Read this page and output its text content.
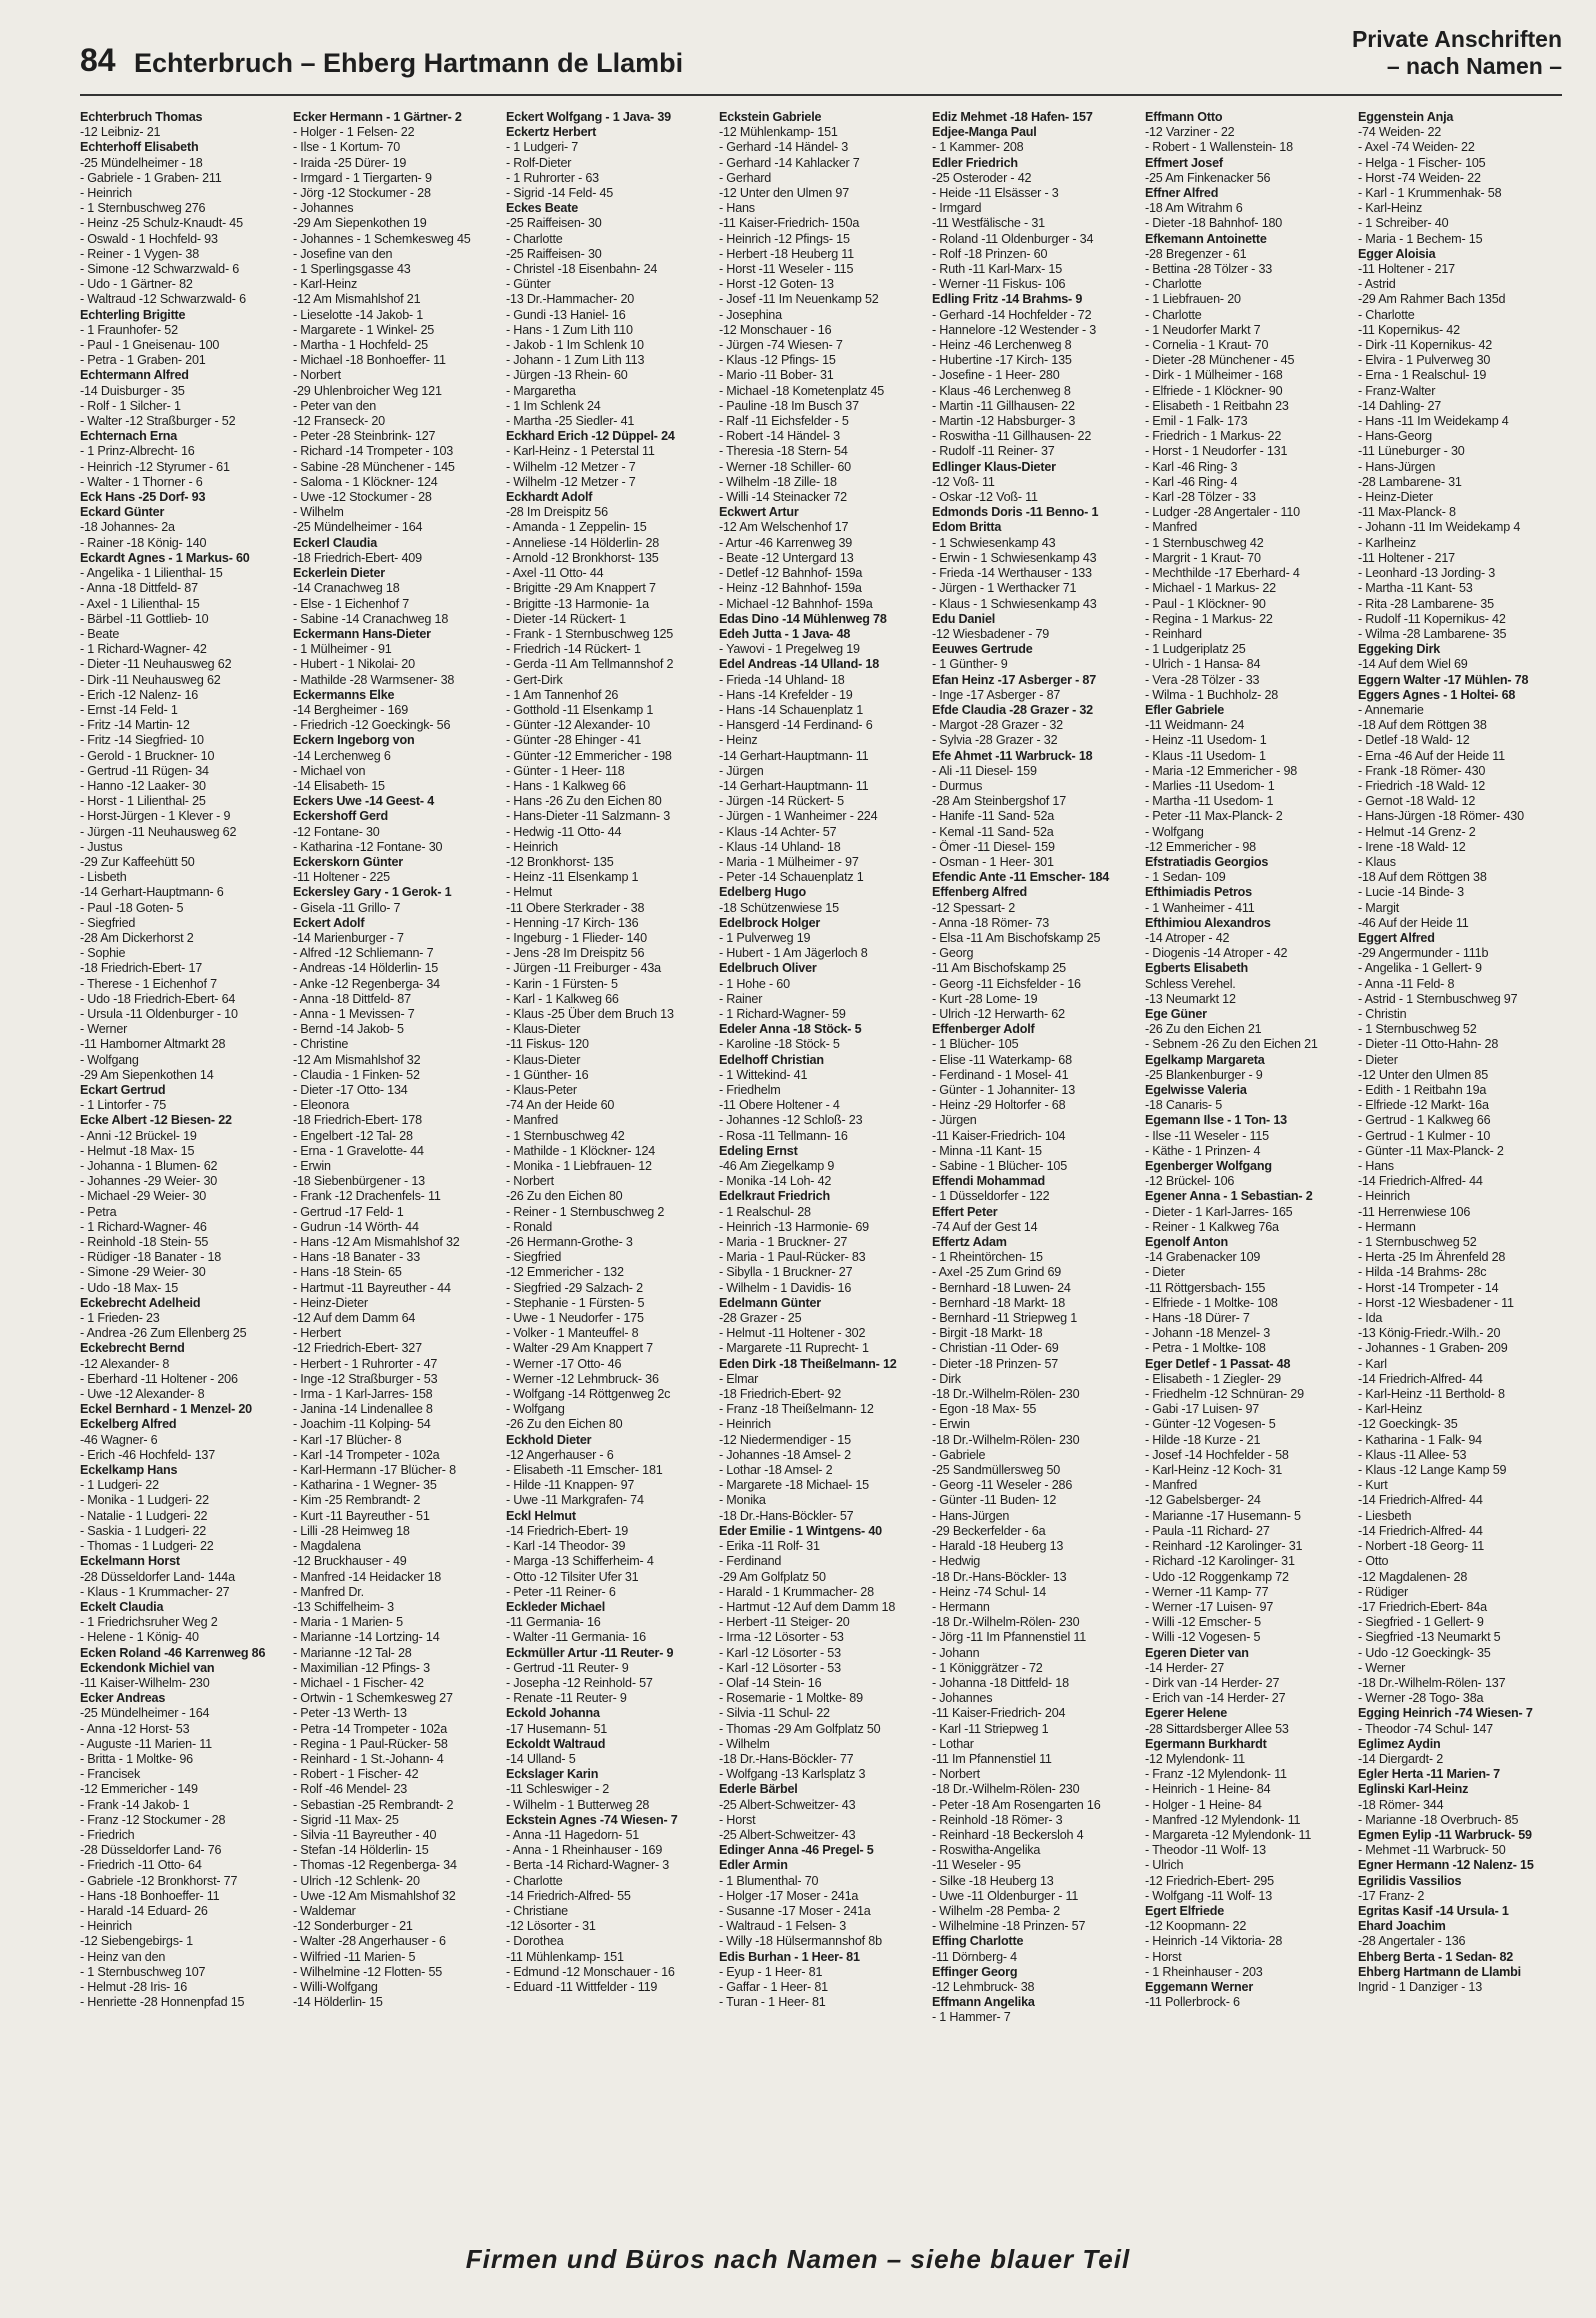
84 Echterbruch – Ehberg Hartmann de Llambi
Private Anschriften
– nach Namen –
Echterbruch Thomas
-12 Leibniz- 21
Echterhoff Elisabeth
-25 Mündelheimer - 18
- Gabriele - 1 Graben- 211
- Heinrich
- 1 Sternbuschweg 276
- Heinz -25 Schulz-Knaudt- 45
- Oswald - 1 Hochfeld- 93
- Reiner - 1 Vygen- 38
- Simone -12 Schwarzwald- 6
- Udo - 1 Gärtner- 82
- Waltraud -12 Schwarzwald- 6
Echterling Brigitte
- 1 Fraunhofer- 52
- Paul - 1 Gneisenau- 100
- Petra - 1 Graben- 201
Echtermann Alfred
-14 Duisburger - 35
- Rolf - 1 Silcher- 1
- Walter -12 Straßburger - 52
Echternach Erna
- 1 Prinz-Albrecht- 16
- Heinrich -12 Styrumer - 61
- Walter - 1 Thorner - 6
Eck Hans -25 Dorf- 93
Eckard Günter
-18 Johannes- 2a
- Rainer -18 König- 140
Eckardt Agnes - 1 Markus- 60
- Angelika - 1 Lilienthal- 15
- Anna -18 Dittfeld- 87
- Axel - 1 Lilienthal- 15
- Bärbel -11 Gottlieb- 10
- Beate
- 1 Richard-Wagner- 42
- Dieter -11 Neuhausweg 62
- Dirk -11 Neuhausweg 62
- Erich -12 Nalenz- 16
- Ernst -14 Feld- 1
- Fritz -14 Martin- 12
- Fritz -14 Siegfried- 10
- Gerold - 1 Bruckner- 10
- Gertrud -11 Rügen- 34
- Hanno -12 Laaker- 30
- Horst - 1 Lilienthal- 25
- Horst-Jürgen - 1 Klever - 9
- Jürgen -11 Neuhausweg 62
- Justus
-29 Zur Kaffeehütt 50
- Lisbeth
-14 Gerhart-Hauptmann- 6
- Paul -18 Goten- 5
- Siegfried
-28 Am Dickerhorst 2
- Sophie
-18 Friedrich-Ebert- 17
- Therese - 1 Eichenhof 7
- Udo -18 Friedrich-Ebert- 64
- Ursula -11 Oldenburger - 10
- Werner
-11 Hamborner Altmarkt 28
- Wolfgang
-29 Am Siepenkothen 14
Eckart Gertrud
- 1 Lintorfer - 75
Ecke Albert -12 Biesen- 22
- Anni -12 Brückel- 19
- Helmut -18 Max- 15
- Johanna - 1 Blumen- 62
- Johannes -29 Weier- 30
- Michael -29 Weier- 30
- Petra
- 1 Richard-Wagner- 46
- Reinhold -18 Stein- 55
- Rüdiger -18 Banater - 18
- Simone -29 Weier- 30
- Udo -18 Max- 15
Eckebrecht Adelheid
- 1 Frieden- 23
- Andrea -26 Zum Ellenberg 25
Eckebrecht Bernd
-12 Alexander- 8
- Eberhard -11 Holtener - 206
- Uwe -12 Alexander- 8
Eckel Bernhard - 1 Menzel- 20
Eckelberg Alfred
-46 Wagner- 6
- Erich -46 Hochfeld- 137
Eckelkamp Hans
- 1 Ludgeri- 22
- Monika - 1 Ludgeri- 22
- Natalie - 1 Ludgeri- 22
- Saskia - 1 Ludgeri- 22
- Thomas - 1 Ludgeri- 22
Eckelmann Horst
-28 Düsseldorfer Land- 144a
- Klaus - 1 Krummacher- 27
Eckelt Claudia
- 1 Friedrichsruher Weg 2
- Helene - 1 König- 40
Ecken Roland -46 Karrenweg 86
Eckendonk Michiel van
-11 Kaiser-Wilhelm- 230
Ecker Andreas
-25 Mündelheimer - 164
- Anna -12 Horst- 53
- Auguste -11 Marien- 11
- Britta - 1 Moltke- 96
- Francisek
-12 Emmericher - 149
- Frank -14 Jakob- 1
- Franz -12 Stockumer - 28
- Friedrich
-28 Düsseldorfer Land- 76
- Friedrich -11 Otto- 64
- Gabriele -12 Bronkhorst- 77
- Hans -18 Bonhoeffer- 11
- Harald -14 Eduard- 26
- Heinrich
-12 Siebengebirgs- 1
- Heinz van den
- 1 Sternbuschweg 107
- Helmut -28 Iris- 16
- Henriette -28 Honnenpfad 15
Ecker Hermann - 1 Gärtner- 2
- Holger - 1 Felsen- 22
- Ilse - 1 Kortum- 70
- Iraida -25 Dürer- 19
- Irmgard - 1 Tiergarten- 9
- Jörg -12 Stockumer - 28
- Johannes
-29 Am Siepenkothen 19
- Johannes - 1 Schemkesweg 45
- Josefine van den
- 1 Sperlingsgasse 43
- Karl-Heinz
-12 Am Mismahlshof 21
- Lieselotte -14 Jakob- 1
- Margarete - 1 Winkel- 25
- Martha - 1 Hochfeld- 25
- Michael -18 Bonhoeffer- 11
- Norbert
-29 Uhlenbroicher Weg 121
- Peter van den
-12 Franseck- 20
- Peter -28 Steinbrink- 127
- Richard -14 Trompeter - 103
- Sabine -28 Münchener - 145
- Saloma - 1 Klöckner- 124
- Uwe -12 Stockumer - 28
- Wilhelm
-25 Mündelheimer - 164
Eckerl Claudia
-18 Friedrich-Ebert- 409
Eckerlein Dieter
-14 Cranachweg 18
- Else - 1 Eichenhof 7
- Sabine -14 Cranachweg 18
Eckermann Hans-Dieter
- 1 Mülheimer - 91
- Hubert - 1 Nikolai- 20
- Mathilde -28 Warmsener- 38
Eckermanns Elke
-14 Bergheimer - 169
- Friedrich -12 Goeckingk- 56
Eckern Ingeborg von
-14 Lerchenweg 6
- Michael von
-14 Elisabeth- 15
Eckers Uwe -14 Geest- 4
Eckershoff Gerd
-12 Fontane- 30
- Katharina -12 Fontane- 30
Eckerskorn Günter
-11 Holtener - 225
Eckersley Gary - 1 Gerok- 1
- Gisela -11 Grillo- 7
Eckert Adolf
-14 Marienburger - 7
- Alfred -12 Schliemann- 7
- Andreas -14 Hölderlin- 15
- Anke -12 Regenberga- 34
- Anna -18 Dittfeld- 87
- Anna - 1 Mevissen- 7
- Bernd -14 Jakob- 5
- Christine
-12 Am Mismahlshof 32
- Claudia - 1 Finken- 52
- Dieter -17 Otto- 134
- Eleonora
-18 Friedrich-Ebert- 178
- Engelbert -12 Tal- 28
- Erna - 1 Gravelotte- 44
- Erwin
-18 Siebenbürgener - 13
- Frank -12 Drachenfels- 11
- Gertrud -17 Feld- 1
- Gudrun -14 Wörth- 44
- Hans -12 Am Mismahlshof 32
- Hans -18 Banater - 33
- Hans -18 Stein- 65
- Hartmut -11 Bayreuther - 44
- Heinz-Dieter
-12 Auf dem Damm 64
- Herbert
-12 Friedrich-Ebert- 327
- Herbert - 1 Ruhrorter - 47
- Inge -12 Straßburger - 53
- Irma - 1 Karl-Jarres- 158
- Janina -14 Lindenallee 8
- Joachim -11 Kolping- 54
- Karl -17 Blücher- 8
- Karl -14 Trompeter - 102a
- Karl-Hermann -17 Blücher- 8
- Katharina - 1 Wegner- 35
- Kim -25 Rembrandt- 2
- Kurt -11 Bayreuther - 51
- Lilli -28 Heimweg 18
- Magdalena
-12 Bruckhauser - 49
- Manfred -14 Heidacker 18
- Manfred Dr.
-13 Schiffelheim- 3
- Maria - 1 Marien- 5
- Marianne -14 Lortzing- 14
- Marianne -12 Tal- 28
- Maximilian -12 Pfings- 3
- Michael - 1 Fischer- 42
- Ortwin - 1 Schemkesweg 27
- Peter -13 Werth- 13
- Petra -14 Trompeter - 102a
- Regina - 1 Paul-Rücker- 58
- Reinhard - 1 St.-Johann- 4
- Robert - 1 Fischer- 42
- Rolf -46 Mendel- 23
- Sebastian -25 Rembrandt- 2
- Sigrid -11 Max- 25
- Silvia -11 Bayreuther - 40
- Stefan -14 Hölderlin- 15
- Thomas -12 Regenberga- 34
- Ulrich -12 Schlenk- 20
- Uwe -12 Am Mismahlshof 32
- Waldemar
-12 Sonderburger - 21
- Walter -28 Angerhauser - 6
- Wilfried -11 Marien- 5
- Wilhelmine -12 Flotten- 55
- Willi-Wolfgang
-14 Hölderlin- 15
Eckert Wolfgang - 1 Java- 39
Eckertz Herbert
- 1 Ludgeri- 7
- Rolf-Dieter
- 1 Ruhrorter - 63
- Sigrid -14 Feld- 45
Eckes Beate
-25 Raiffeisen- 30
- Charlotte
-25 Raiffeisen- 30
- Christel -18 Eisenbahn- 24
- Günter
-13 Dr.-Hammacher- 20
- Gundi -13 Haniel- 16
- Hans - 1 Zum Lith 110
- Jakob - 1 Im Schlenk 10
- Johann - 1 Zum Lith 113
- Jürgen -13 Rhein- 60
- Margaretha
- 1 Im Schlenk 24
- Martha -25 Siedler- 41
Eckhard Erich -12 Düppel- 24
- Karl-Heinz - 1 Peterstal 11
- Wilhelm -12 Metzer - 7
- Wilhelm -12 Metzer - 7
Eckhardt Adolf
-28 Im Dreispitz 56
- Amanda - 1 Zeppelin- 15
- Anneliese -14 Hölderlin- 28
- Arnold -12 Bronkhorst- 135
- Axel -11 Otto- 44
- Brigitte -29 Am Knappert 7
- Brigitte -13 Harmonie- 1a
- Dieter -14 Rückert- 1
- Frank - 1 Sternbuschweg 125
- Friedrich -14 Rückert- 1
- Gerda -11 Am Tellmannshof 2
- Gert-Dirk
- 1 Am Tannenhof 26
- Gotthold -11 Elsenkamp 1
- Günter -12 Alexander- 10
- Günter -28 Ehinger - 41
- Günter -12 Emmericher - 198
- Günter - 1 Heer- 118
- Hans - 1 Kalkweg 66
- Hans -26 Zu den Eichen 80
- Hans-Dieter -11 Salzmann- 3
- Hedwig -11 Otto- 44
- Heinrich
-12 Bronkhorst- 135
- Heinz -11 Elsenkamp 1
- Helmut
-11 Obere Sterkrader - 38
- Henning -17 Kirch- 136
- Ingeburg - 1 Flieder- 140
- Jens -28 Im Dreispitz 56
- Jürgen -11 Freiburger - 43a
- Karin - 1 Fürsten- 5
- Karl - 1 Kalkweg 66
- Klaus -25 Über dem Bruch 13
- Klaus-Dieter
-11 Fiskus- 120
- Klaus-Dieter
- 1 Günther- 16
- Klaus-Peter
-74 An der Heide 60
- Manfred
- 1 Sternbuschweg 42
- Mathilde - 1 Klöckner- 124
- Monika - 1 Liebfrauen- 12
- Norbert
-26 Zu den Eichen 80
- Reiner - 1 Sternbuschweg 2
- Ronald
-26 Hermann-Grothe- 3
- Siegfried
-12 Emmericher - 132
- Siegfried -29 Salzach- 2
- Stephanie - 1 Fürsten- 5
- Uwe - 1 Neudorfer - 175
- Volker - 1 Manteuffel- 8
- Walter -29 Am Knappert 7
- Werner -17 Otto- 46
- Werner -12 Lehmbruck- 36
- Wolfgang -14 Röttgenweg 2c
- Wolfgang
-26 Zu den Eichen 80
Eckhold Dieter
-12 Angerhauser - 6
- Elisabeth -11 Emscher- 181
- Hilde -11 Knappen- 97
- Uwe -11 Markgrafen- 74
Eckl Helmut
-14 Friedrich-Ebert- 19
- Karl -14 Theodor- 39
- Marga -13 Schifferheim- 4
- Otto -12 Tilsiter Ufer 31
- Peter -11 Reiner- 6
Eckleder Michael
-11 Germania- 16
- Walter -11 Germania- 16
Eckmüller Artur -11 Reuter- 9
- Gertrud -11 Reuter- 9
- Josepha -12 Reinhold- 57
- Renate -11 Reuter- 9
Eckold Johanna
-17 Husemann- 51
Eckoldt Waltraud
-14 Ulland- 5
Eckslager Karin
-11 Schleswiger - 2
- Wilhelm - 1 Butterweg 28
Eckstein Agnes -74 Wiesen- 7
- Anna -11 Hagedorn- 51
- Anna - 1 Rheinhauser - 169
- Berta -14 Richard-Wagner- 3
- Charlotte
-14 Friedrich-Alfred- 55
- Christiane
-12 Lösorter - 31
- Dorothea
-11 Mühlenkamp- 151
- Edmund -12 Monschauer - 16
- Eduard -11 Wittfelder - 119
Eckstein Gabriele
-12 Mühlenkamp- 151
- Gerhard -14 Händel- 3
- Gerhard -14 Kahlacker 7
- Gerhard
-12 Unter den Ulmen 97
- Hans
-11 Kaiser-Friedrich- 150a
- Heinrich -12 Pfings- 15
- Herbert -18 Heuberg 11
- Horst -11 Weseler - 115
- Horst -12 Goten- 13
- Josef -11 Im Neuenkamp 52
- Josephina
-12 Monschauer - 16
- Jürgen -74 Wiesen- 7
- Klaus -12 Pfings- 15
- Mario -11 Bober- 31
- Michael -18 Kometenplatz 45
- Pauline -18 Im Busch 37
- Ralf -11 Eichsfelder - 5
- Robert -14 Händel- 3
- Theresia -18 Stern- 54
- Werner -18 Schiller- 60
- Wilhelm -18 Zille- 18
- Willi -14 Steinacker 72
Eckwert Artur
-12 Am Welschenhof 17
- Artur -46 Karrenweg 39
- Beate -12 Untergard 13
- Detlef -12 Bahnhof- 159a
- Heinz -12 Bahnhof- 159a
- Michael -12 Bahnhof- 159a
Edas Dino -14 Mühlenweg 78
Edeh Jutta - 1 Java- 48
- Yawovi - 1 Pregelweg 19
Edel Andreas -14 Ulland- 18
- Frieda -14 Uhland- 18
- Hans -14 Krefelder - 19
- Hans -14 Schauenplatz 1
- Hansgerd -14 Ferdinand- 6
- Heinz
-14 Gerhart-Hauptmann- 11
- Jürgen
-14 Gerhart-Hauptmann- 11
- Jürgen -14 Rückert- 5
- Jürgen - 1 Wanheimer - 224
- Klaus -14 Achter- 57
- Klaus -14 Uhland- 18
- Maria - 1 Mülheimer - 97
- Peter -14 Schauenplatz 1
Edelberg Hugo
-18 Schützenwiese 15
Edelbrock Holger
- 1 Pulverweg 19
- Hubert - 1 Am Jägerloch 8
Edelbruch Oliver
- 1 Hohe - 60
- Rainer
- 1 Richard-Wagner- 59
Edeler Anna -18 Stöck- 5
- Karoline -18 Stöck- 5
Edelhoff Christian
- 1 Wittekind- 41
- Friedhelm
-11 Obere Holtener - 4
- Johannes -12 Schloß- 23
- Rosa -11 Tellmann- 16
Edeling Ernst
-46 Am Ziegelkamp 9
- Monika -14 Loh- 42
Edelkraut Friedrich
- 1 Realschul- 28
- Heinrich -13 Harmonie- 69
- Maria - 1 Bruckner- 27
- Maria - 1 Paul-Rücker- 83
- Sibylla - 1 Bruckner- 27
- Wilhelm - 1 Davidis- 16
Edelmann Günter
-28 Grazer - 25
- Helmut -11 Holtener - 302
- Margarete -11 Ruprecht- 1
Eden Dirk -18 Theißelmann- 12
- Elmar
-18 Friedrich-Ebert- 92
- Franz -18 Theißelmann- 12
- Heinrich
-12 Niedermendiger - 15
- Johannes -18 Amsel- 2
- Lothar -18 Amsel- 2
- Margarete -18 Michael- 15
- Monika
-18 Dr.-Hans-Böckler- 57
Eder Emilie - 1 Wintgens- 40
- Erika -11 Rolf- 31
- Ferdinand
-29 Am Golfplatz 50
- Harald - 1 Krummacher- 28
- Hartmut -12 Auf dem Damm 18
- Herbert -11 Steiger- 20
- Irma -12 Lösorter - 53
- Karl -12 Lösorter - 53
- Karl -12 Lösorter - 53
- Olaf -14 Stein- 16
- Rosemarie - 1 Moltke- 89
- Silvia -11 Schul- 22
- Thomas -29 Am Golfplatz 50
- Wilhelm
-18 Dr.-Hans-Böckler- 77
- Wolfgang -13 Karlsplatz 3
Ederle Bärbel
-25 Albert-Schweitzer- 43
- Horst
-25 Albert-Schweitzer- 43
Edinger Anna -46 Pregel- 5
Edler Armin
- 1 Blumenthal- 70
- Holger -17 Moser - 241a
- Susanne -17 Moser - 241a
- Waltraud - 1 Felsen- 3
- Willy -18 Hülsermannshof 8b
Edis Burhan - 1 Heer- 81
- Eyup - 1 Heer- 81
- Gaffar - 1 Heer- 81
- Turan - 1 Heer- 81
Ediz Mehmet -18 Hafen- 157
Edjee-Manga Paul
- 1 Kammer- 208
Edler Friedrich
-25 Osteroder - 42
- Heide -11 Elsässer - 3
- Irmgard
-11 Westfälische - 31
- Roland -11 Oldenburger - 34
- Rolf -18 Prinzen- 60
- Ruth -11 Karl-Marx- 15
- Werner -11 Fiskus- 106
Edling Fritz -14 Brahms- 9
- Gerhard -14 Hochfelder - 72
- Hannelore -12 Westender - 3
- Heinz -46 Lerchenweg 8
- Hubertine -17 Kirch- 135
- Josefine - 1 Heer- 280
- Klaus -46 Lerchenweg 8
- Martin -11 Gillhausen- 22
- Martin -12 Habsburger- 3
- Roswitha -11 Gillhausen- 22
- Rudolf -11 Reiner- 37
Edlinger Klaus-Dieter
-12 Voß- 11
- Oskar -12 Voß- 11
Edmonds Doris -11 Benno- 1
Edom Britta
- 1 Schwiesenkamp 43
- Erwin - 1 Schwiesenkamp 43
- Frieda -14 Werthauser - 133
- Jürgen - 1 Werthacker 71
- Klaus - 1 Schwiesenkamp 43
Edu Daniel
-12 Wiesbadener - 79
Eeuwes Gertrude
- 1 Günther- 9
Efan Heinz -17 Asberger - 87
- Inge -17 Asberger - 87
Efde Claudia -28 Grazer - 32
- Margot -28 Grazer - 32
- Sylvia -28 Grazer - 32
Efe Ahmet -11 Warbruck- 18
- Ali -11 Diesel- 159
- Durmus
-28 Am Steinbergshof 17
- Hanife -11 Sand- 52a
- Kemal -11 Sand- 52a
- Ömer -11 Diesel- 159
- Osman - 1 Heer- 301
Efendic Ante -11 Emscher- 184
Effenberg Alfred
-12 Spessart- 2
- Anna -18 Römer- 73
- Elsa -11 Am Bischofskamp 25
- Georg
-11 Am Bischofskamp 25
- Georg -11 Eichsfelder - 16
- Kurt -28 Lome- 19
- Ulrich -12 Herwarth- 62
Effenberger Adolf
- 1 Blücher- 105
- Elise -11 Waterkamp- 68
- Ferdinand - 1 Mosel- 41
- Günter - 1 Johanniter- 13
- Heinz -29 Holtorfer - 68
- Jürgen
-11 Kaiser-Friedrich- 104
- Minna -11 Kant- 15
- Sabine - 1 Blücher- 105
Effendi Mohammad
- 1 Düsseldorfer - 122
Effert Peter
-74 Auf der Gest 14
Effertz Adam
- 1 Rheintörchen- 15
- Axel -25 Zum Grind 69
- Bernhard -18 Luwen- 24
- Bernhard -18 Markt- 18
- Bernhard -11 Striepweg 1
- Birgit -18 Markt- 18
- Christian -11 Oder- 69
- Dieter -18 Prinzen- 57
- Dirk
-18 Dr.-Wilhelm-Rölen- 230
- Egon -18 Max- 55
- Erwin
-18 Dr.-Wilhelm-Rölen- 230
- Gabriele
-25 Sandmüllersweg 50
- Georg -11 Weseler - 286
- Günter -11 Buden- 12
- Hans-Jürgen
-29 Beckerfelder - 6a
- Harald -18 Heuberg 13
- Hedwig
-18 Dr.-Hans-Böckler- 13
- Heinz -74 Schul- 14
- Hermann
-18 Dr.-Wilhelm-Rölen- 230
- Jörg -11 Im Pfannenstiel 11
- Johann
- 1 Königgrätzer - 72
- Johanna -18 Dittfeld- 18
- Johannes
-11 Kaiser-Friedrich- 204
- Karl -11 Striepweg 1
- Lothar
-11 Im Pfannenstiel 11
- Norbert
-18 Dr.-Wilhelm-Rölen- 230
- Peter -18 Am Rosengarten 16
- Reinhold -18 Römer- 3
- Reinhard -18 Beckersloh 4
- Roswitha-Angelika
-11 Weseler - 95
- Silke -18 Heuberg 13
- Uwe -11 Oldenburger - 11
- Wilhelm -28 Pemba- 2
- Wilhelmine -18 Prinzen- 57
Effing Charlotte
-11 Dörnberg- 4
Effinger Georg
-12 Lehmbruck- 38
Effmann Angelika
- 1 Hammer- 7
Effmann Otto
-12 Varziner - 22
- Robert - 1 Wallenstein- 18
Effmert Josef
-25 Am Finkenacker 56
Effner Alfred
-18 Am Witrahm 6
- Dieter -18 Bahnhof- 180
Efkemann Antoinette
-28 Bregenzer - 61
- Bettina -28 Tölzer - 33
- Charlotte
- 1 Liebfrauen- 20
- Charlotte
- 1 Neudorfer Markt 7
- Cornelia - 1 Kraut- 70
- Dieter -28 Münchener - 45
- Dirk - 1 Mülheimer - 168
- Elfriede - 1 Klöckner- 90
- Elisabeth - 1 Reitbahn 23
- Emil - 1 Falk- 173
- Friedrich - 1 Markus- 22
- Horst - 1 Neudorfer - 131
- Karl -46 Ring- 3
- Karl -46 Ring- 4
- Karl -28 Tölzer - 33
- Ludger -28 Angertaler - 110
- Manfred
- 1 Sternbuschweg 42
- Margrit - 1 Kraut- 70
- Mechthilde -17 Eberhard- 4
- Michael - 1 Markus- 22
- Paul - 1 Klöckner- 90
- Regina - 1 Markus- 22
- Reinhard
- 1 Ludgeriplatz 25
- Ulrich - 1 Hansa- 84
- Vera -28 Tölzer - 33
- Wilma - 1 Buchholz- 28
Efler Gabriele
-11 Weidmann- 24
- Heinz -11 Usedom- 1
- Klaus -11 Usedom- 1
- Maria -12 Emmericher - 98
- Marlies -11 Usedom- 1
- Martha -11 Usedom- 1
- Peter -11 Max-Planck- 2
- Wolfgang
-12 Emmericher - 98
Efstratiadis Georgios
- 1 Sedan- 109
Efthimiadis Petros
- 1 Wanheimer - 411
Efthimiou Alexandros
-14 Atroper - 42
- Diogenis -14 Atroper - 42
Egberts Elisabeth
Schless Verehel.
-13 Neumarkt 12
Ege Güner
-26 Zu den Eichen 21
- Sebnem -26 Zu den Eichen 21
Egelkamp Margareta
-25 Blankenburger - 9
Egelwisse Valeria
-18 Canaris- 5
Egemann Ilse - 1 Ton- 13
- Ilse -11 Weseler - 115
- Käthe - 1 Prinzen- 4
Egenberger Wolfgang
-12 Brückel- 106
Egener Anna - 1 Sebastian- 2
- Dieter - 1 Karl-Jarres- 165
- Reiner - 1 Kalkweg 76a
Egenolf Anton
-14 Grabenacker 109
- Dieter
-11 Röttgersbach- 155
- Elfriede - 1 Moltke- 108
- Hans -18 Dürer- 7
- Johann -18 Menzel- 3
- Petra - 1 Moltke- 108
Eger Detlef - 1 Passat- 48
- Elisabeth - 1 Ziegler- 29
- Friedhelm -12 Schnüran- 29
- Gabi -17 Luisen- 97
- Günter -12 Vogesen- 5
- Hilde -18 Kurze - 21
- Josef -14 Hochfelder - 58
- Karl-Heinz -12 Koch- 31
- Manfred
-12 Gabelsberger- 24
- Marianne -17 Husemann- 5
- Paula -11 Richard- 27
- Reinhard -12 Karolinger- 31
- Richard -12 Karolinger- 31
- Udo -12 Roggenkamp 72
- Werner -11 Kamp- 77
- Werner -17 Luisen- 97
- Willi -12 Emscher- 5
- Willi -12 Vogesen- 5
Egeren Dieter van
-14 Herder- 27
- Dirk van -14 Herder- 27
- Erich van -14 Herder- 27
Egerer Helene
-28 Sittardsberger Allee 53
Egermann Burkhardt
-12 Mylendonk- 11
- Franz -12 Mylendonk- 11
- Heinrich - 1 Heine- 84
- Holger - 1 Heine- 84
- Manfred -12 Mylendonk- 11
- Margareta -12 Mylendonk- 11
- Theodor -11 Wolf- 13
- Ulrich
-12 Friedrich-Ebert- 295
- Wolfgang -11 Wolf- 13
Egert Elfriede
-12 Koopmann- 22
- Heinrich -14 Viktoria- 28
- Horst
- 1 Rheinhauser - 203
Eggemann Werner
-11 Pollerbrock- 6
Eggenstein Anja
-74 Weiden- 22
- Axel -74 Weiden- 22
- Helga - 1 Fischer- 105
- Horst -74 Weiden- 22
- Karl - 1 Krummenhak- 58
- Karl-Heinz
- 1 Schreiber- 40
- Maria - 1 Bechem- 15
Egger Aloisia
-11 Holtener - 217
- Astrid
-29 Am Rahmer Bach 135d
- Charlotte
-11 Kopernikus- 42
- Dirk -11 Kopernikus- 42
- Elvira - 1 Pulverweg 30
- Erna - 1 Realschul- 19
- Franz-Walter
-14 Dahling- 27
- Hans -11 Im Weidekamp 4
- Hans-Georg
-11 Lüneburger - 30
- Hans-Jürgen
-28 Lambarene- 31
- Heinz-Dieter
-11 Max-Planck- 8
- Johann -11 Im Weidekamp 4
- Karlheinz
-11 Holtener - 217
- Leonhard -13 Jording- 3
- Martha -11 Kant- 53
- Rita -28 Lambarene- 35
- Rudolf -11 Kopernikus- 42
- Wilma -28 Lambarene- 35
Eggeking Dirk
-14 Auf dem Wiel 69
Eggern Walter -17 Mühlen- 78
Eggers Agnes - 1 Holtei- 68
- Annemarie
-18 Auf dem Röttgen 38
- Detlef -18 Wald- 12
- Erna -46 Auf der Heide 11
- Frank -18 Römer- 430
- Friedrich -18 Wald- 12
- Gernot -18 Wald- 12
- Hans-Jürgen -18 Römer- 430
- Helmut -14 Grenz- 2
- Irene -18 Wald- 12
- Klaus
-18 Auf dem Röttgen 38
- Lucie -14 Binde- 3
- Margit
-46 Auf der Heide 11
Eggert Alfred
-29 Angermunder - 111b
- Angelika - 1 Gellert- 9
- Anna -11 Feld- 8
- Astrid - 1 Sternbuschweg 97
- Christin
- 1 Sternbuschweg 52
- Dieter -11 Otto-Hahn- 28
- Dieter
-12 Unter den Ulmen 85
- Edith - 1 Reitbahn 19a
- Elfriede -12 Markt- 16a
- Gertrud - 1 Kalkweg 66
- Gertrud - 1 Kulmer - 10
- Günter -11 Max-Planck- 2
- Hans
-14 Friedrich-Alfred- 44
- Heinrich
-11 Herrenwiese 106
- Hermann
- 1 Sternbuschweg 52
- Herta -25 Im Ährenfeld 28
- Hilda -14 Brahms- 28c
- Horst -14 Trompeter - 14
- Horst -12 Wiesbadener - 11
- Ida
-13 König-Friedr.-Wilh.- 20
- Johannes - 1 Graben- 209
- Karl
-14 Friedrich-Alfred- 44
- Karl-Heinz -11 Berthold- 8
- Karl-Heinz
-12 Goeckingk- 35
- Katharina - 1 Falk- 94
- Klaus -11 Allee- 53
- Klaus -12 Lange Kamp 59
- Kurt
-14 Friedrich-Alfred- 44
- Liesbeth
-14 Friedrich-Alfred- 44
- Norbert -18 Georg- 11
- Otto
-12 Magdalenen- 28
- Rüdiger
-17 Friedrich-Ebert- 84a
- Siegfried - 1 Gellert- 9
- Siegfried -13 Neumarkt 5
- Udo -12 Goeckingk- 35
- Werner
-18 Dr.-Wilhelm-Rölen- 137
- Werner -28 Togo- 38a
Egging Heinrich -74 Wiesen- 7
- Theodor -74 Schul- 147
Eglimez Aydin
-14 Diergardt- 2
Egler Herta -11 Marien- 7
Eglinski Karl-Heinz
-18 Römer- 344
- Marianne -18 Overbruch- 85
Egmen Eylip -11 Warbruck- 59
- Mehmet -11 Warbruck- 50
Egner Hermann -12 Nalenz- 15
Egrilidis Vassilios
-17 Franz- 2
Egritas Kasif -14 Ursula- 1
Ehard Joachim
-28 Angertaler - 136
Ehberg Berta - 1 Sedan- 82
Ehberg Hartmann de Llambi
Ingrid - 1 Danziger - 13
Firmen und Büros nach Namen – siehe blauer Teil
